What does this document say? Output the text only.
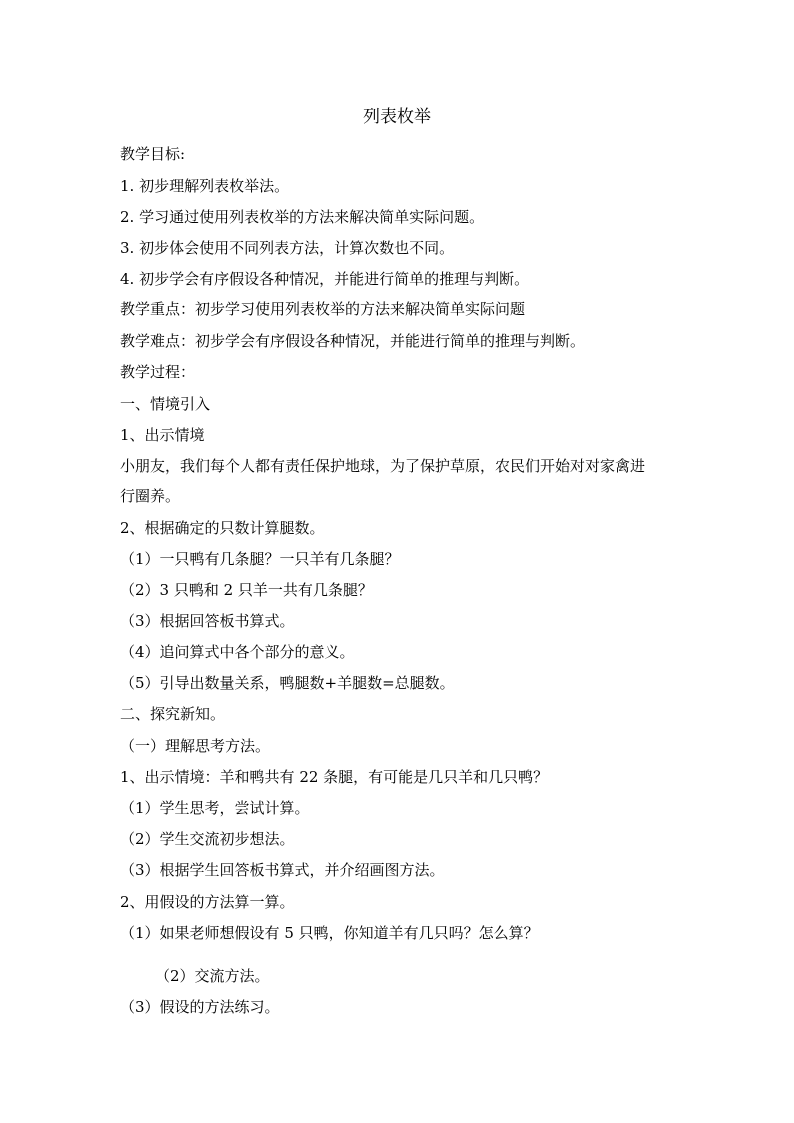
列表枚举
教学目标:
1. 初步理解列表枚举法。
2. 学习通过使用列表枚举的方法来解决简单实际问题。
3. 初步体会使用不同列表方法，计算次数也不同。
4. 初步学会有序假设各种情况，并能进行简单的推理与判断。
教学重点：初步学习使用列表枚举的方法来解决简单实际问题
教学难点：初步学会有序假设各种情况，并能进行简单的推理与判断。
教学过程：
一、情境引入
1、出示情境
小朋友，我们每个人都有责任保护地球，为了保护草原，农民们开始对对家禽进
行圈养。
2、根据确定的只数计算腿数。
（1）一只鸭有几条腿？一只羊有几条腿？
（2）3 只鸭和 2 只羊一共有几条腿？
（3）根据回答板书算式。
（4）追问算式中各个部分的意义。
（5）引导出数量关系，鸭腿数+羊腿数=总腿数。
二、探究新知。
（一）理解思考方法。
1、出示情境：羊和鸭共有 22 条腿，有可能是几只羊和几只鸭？
（1）学生思考，尝试计算。
（2）学生交流初步想法。
（3）根据学生回答板书算式，并介绍画图方法。
2、用假设的方法算一算。
（1）如果老师想假设有 5 只鸭，你知道羊有几只吗？怎么算？
（2）交流方法。
（3）假设的方法练习。
